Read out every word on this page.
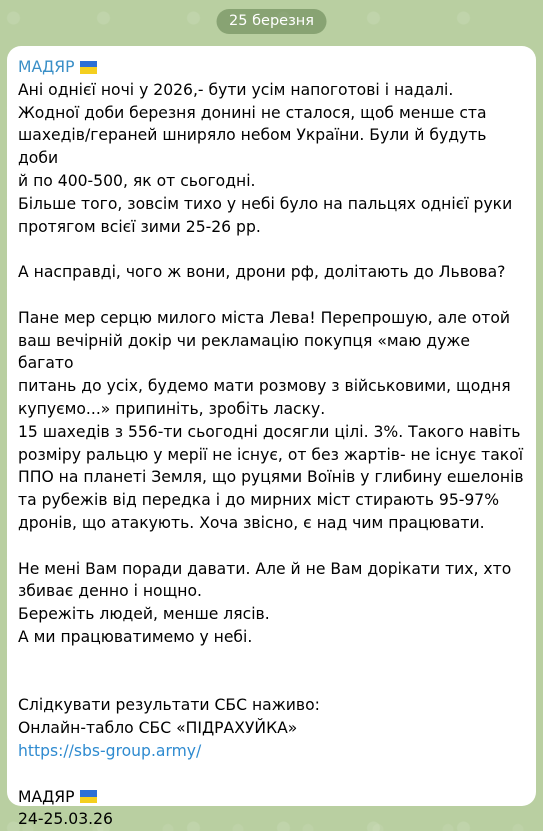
25 березня
МАДЯР
Ані однієї ночі у 2026,- бути усім напоготові і надалі.
Жодної доби березня донині не сталося, щоб менше ста
шахедів/гераней шниряло небом України. Були й будуть доби
й по 400-500, як от сьогодні.
Більше того, зовсім тихо у небі було на пальцях однієї руки
протягом всієї зими 25-26 рр.
А насправді, чого ж вони, дрони рф, долітають до Львова?
Пане мер серцю милого міста Лева! Перепрошую, але отой
ваш вечірній докір чи рекламацію покупця «маю дуже багато
питань до усіх, будемо мати розмову з військовими, щодня
купуємо...» припиніть, зробіть ласку.
15 шахедів з 556-ти сьогодні досягли цілі. 3%. Такого навіть
розміру ральцю у мерії не існує, от без жартів- не існує такої
ППО на планеті Земля, що руцями Воїнів у глибину ешелонів
та рубежів від передка і до мирних міст стирають 95-97%
дронів, що атакують. Хоча звісно, є над чим працювати.
Не мені Вам поради давати. Але й не Вам дорікати тих, хто
збиває денно і нощно.
Бережіть людей, менше лясів.
А ми працюватимемо у небі.
Слідкувати результати СБС наживо:
Онлайн-табло СБС «ПІДРАХУЙКА»
https://sbs-group.army/
МАДЯР
24-25.03.26
